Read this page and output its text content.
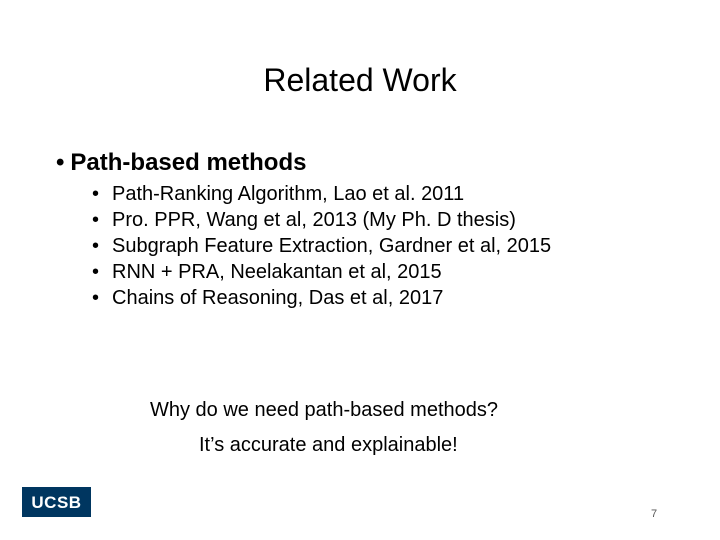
Related Work
• Path-based methods
• Path-Ranking Algorithm, Lao et al. 2011
• Pro. PPR, Wang et al, 2013 (My Ph. D thesis)
• Subgraph Feature Extraction, Gardner et al, 2015
• RNN + PRA, Neelakantan et al, 2015
• Chains of Reasoning, Das et al, 2017
Why do we need path-based methods?
It’s accurate and explainable!
UCSB
7
